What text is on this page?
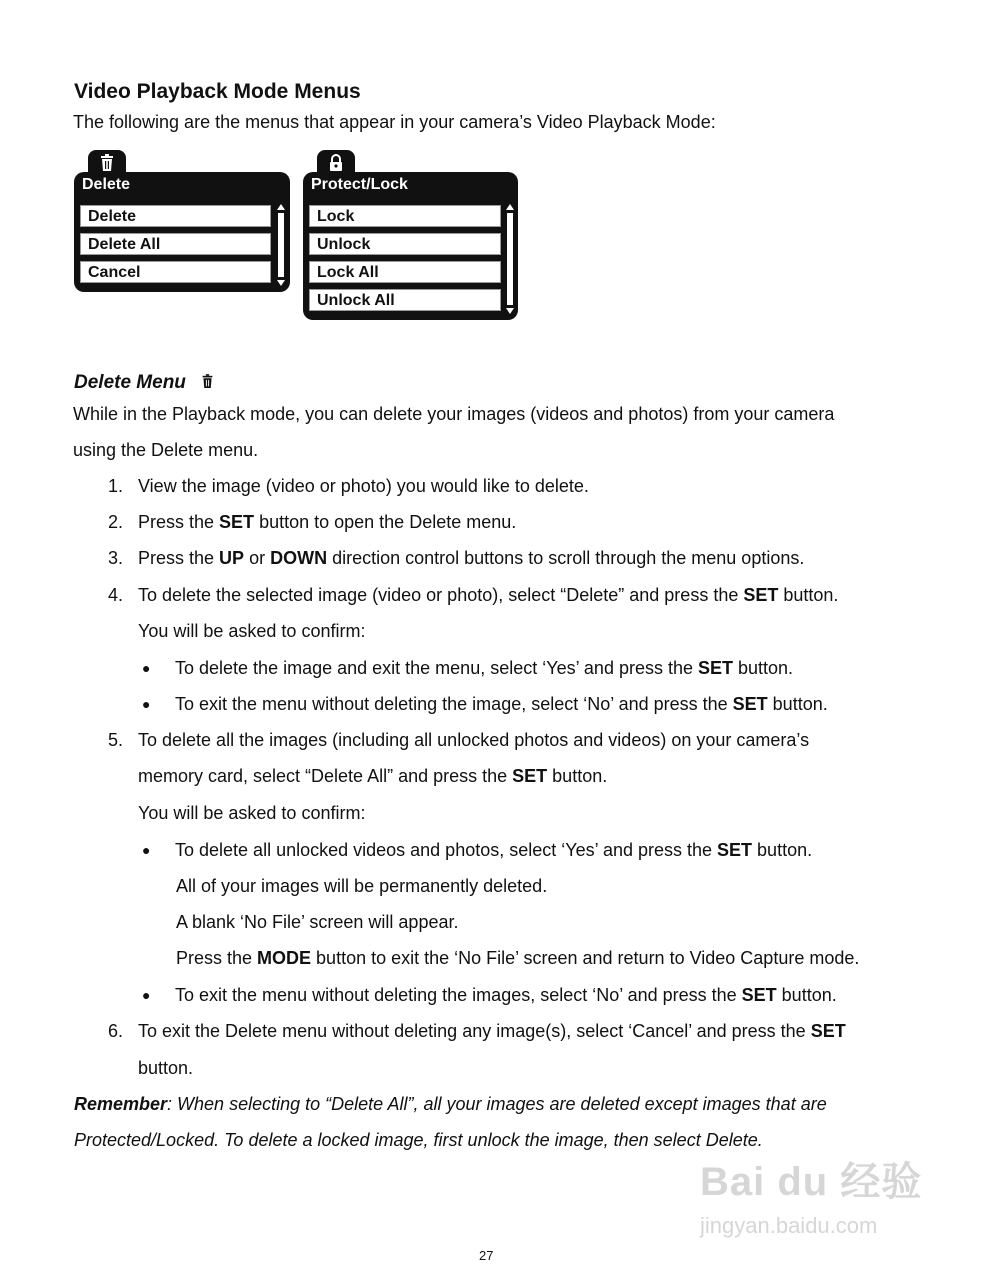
Video Playback Mode Menus
The following are the menus that appear in your camera’s Video Playback Mode:
Delete
Delete
Delete All
Cancel
Protect/Lock
Lock
Unlock
Lock All
Unlock All
Delete Menu
While in the Playback mode, you can delete your images (videos and photos) from your camera
using the Delete menu.
1. View the image (video or photo) you would like to delete.
2. Press the SET button to open the Delete menu.
3. Press the UP or DOWN direction control buttons to scroll through the menu options.
4. To delete the selected image (video or photo), select “Delete” and press the SET button.
You will be asked to confirm:
● To delete the image and exit the menu, select ‘Yes’ and press the SET button.
● To exit the menu without deleting the image, select ‘No’ and press the SET button.
5. To delete all the images (including all unlocked photos and videos) on your camera’s
memory card, select “Delete All” and press the SET button.
You will be asked to confirm:
● To delete all unlocked videos and photos, select ‘Yes’ and press the SET button.
All of your images will be permanently deleted.
A blank ‘No File’ screen will appear.
Press the MODE button to exit the ‘No File’ screen and return to Video Capture mode.
● To exit the menu without deleting the images, select ‘No’ and press the SET button.
6. To exit the Delete menu without deleting any image(s), select ‘Cancel’ and press the SET
button.
Remember: When selecting to “Delete All”, all your images are deleted except images that are
Protected/Locked. To delete a locked image, first unlock the image, then select Delete.
Bai du 经验
jingyan.baidu.com
27
